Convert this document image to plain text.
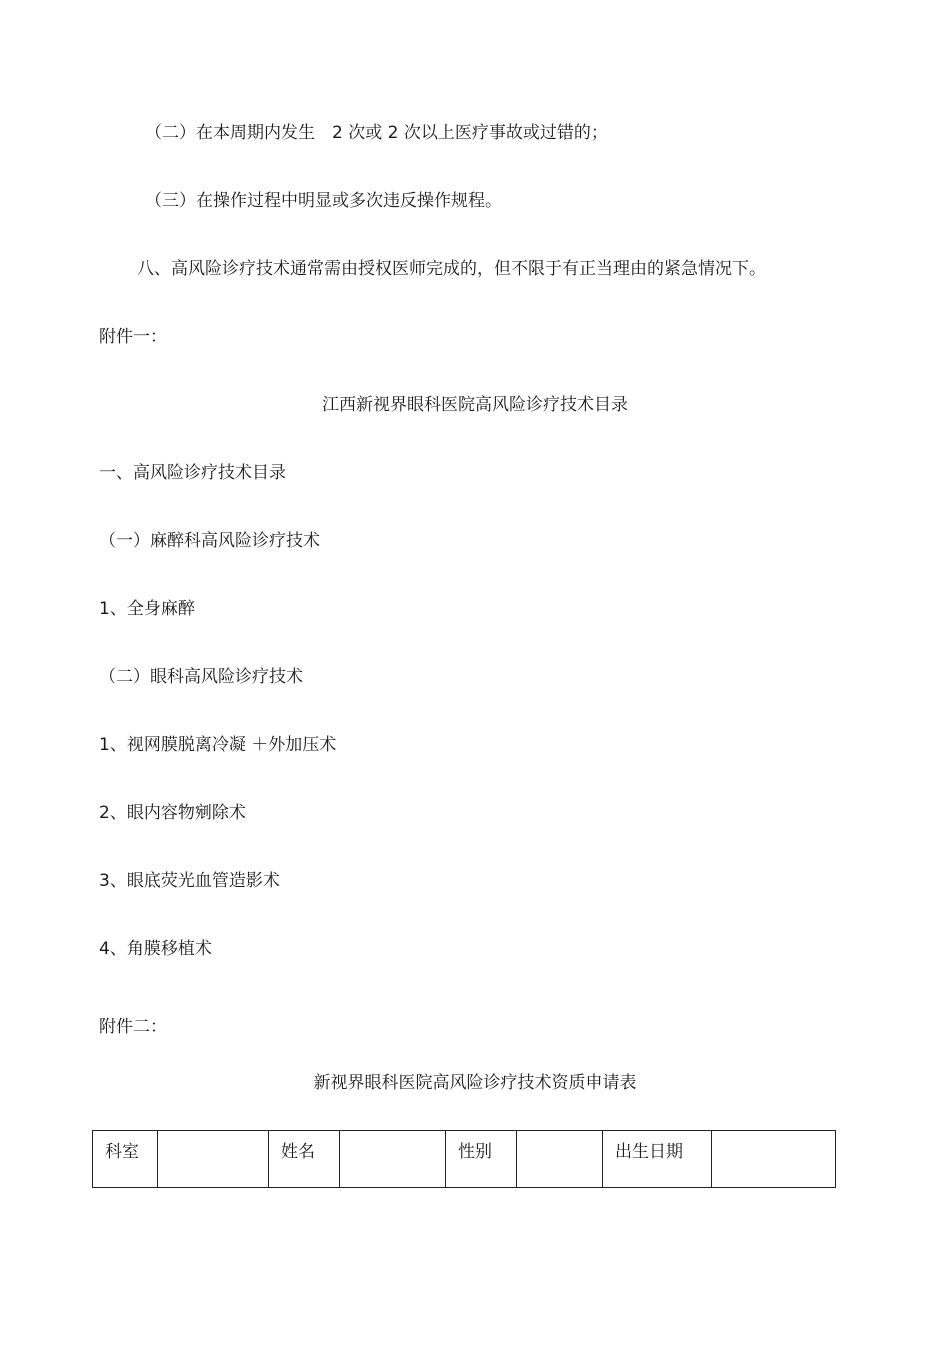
（二）在本周期内发生　2 次或 2 次以上医疗事故或过错的；
（三）在操作过程中明显或多次违反操作规程。
八、高风险诊疗技术通常需由授权医师完成的，但不限于有正当理由的紧急情况下。
附件一：
江西新视界眼科医院高风险诊疗技术目录
一、高风险诊疗技术目录
（一）麻醉科高风险诊疗技术
1、全身麻醉
（二）眼科高风险诊疗技术
1、视网膜脱离冷凝 ＋外加压术
2、眼内容物剜除术
3、眼底荧光血管造影术
4、角膜移植术
附件二：
新视界眼科医院高风险诊疗技术资质申请表
科室		姓名		性别		出生日期	
